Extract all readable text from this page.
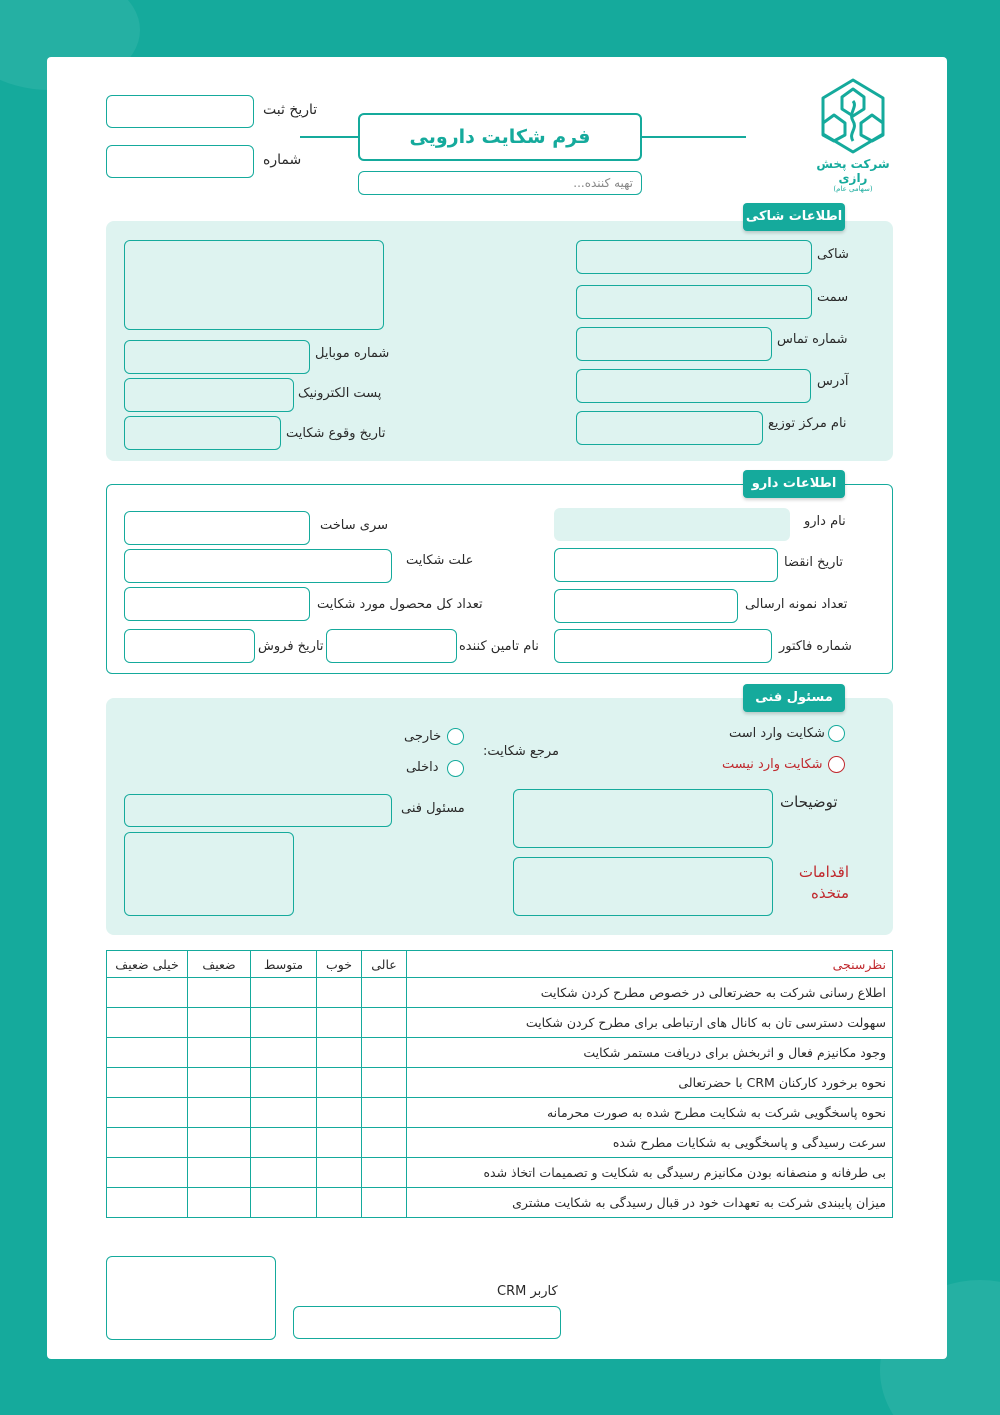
تاریخ ثبت
شماره
فرم شکایت دارویی
تهیه کننده...
شرکت پخش رازی
(سهامی عام)
اطلاعات شاکی
شماره موبایل
پست الکترونیک
تاریخ وقوع شکایت
شاکی
سمت
شماره تماس
آدرس
نام مرکز توزیع
اطلاعات دارو
نام دارو
تاریخ انقضا
تعداد نمونه ارسالی
شماره فاکتور
سری ساخت
علت شکایت
تعداد کل محصول مورد شکایت
تاریخ فروش	نام تامین کننده
مسئول فنی
شکایت وارد است
شکایت وارد نیست
مرجع شکایت:
خارجی
داخلی
مسئول فنی	توضیحات
اقدامات
متخذه
خیلی ضعیف	ضعیف	متوسط	خوب	عالی	نظرسنجی
					اطلاع رسانی شرکت به حضرتعالی در خصوص مطرح کردن شکایت
					سهولت دسترسی تان به کانال های ارتباطی برای مطرح کردن شکایت
					وجود مکانیزم فعال و اثربخش برای دریافت مستمر شکایت
					نحوه برخورد کارکنان CRM با حضرتعالی
					نحوه پاسخگویی شرکت به شکایت مطرح شده به صورت محرمانه
					سرعت رسیدگی و پاسخگویی به شکایات مطرح شده
					بی طرفانه و منصفانه بودن مکانیزم رسیدگی به شکایت و تصمیمات اتخاذ شده
					میزان پایبندی شرکت به تعهدات خود در قبال رسیدگی به شکایت مشتری
کاربر CRM
